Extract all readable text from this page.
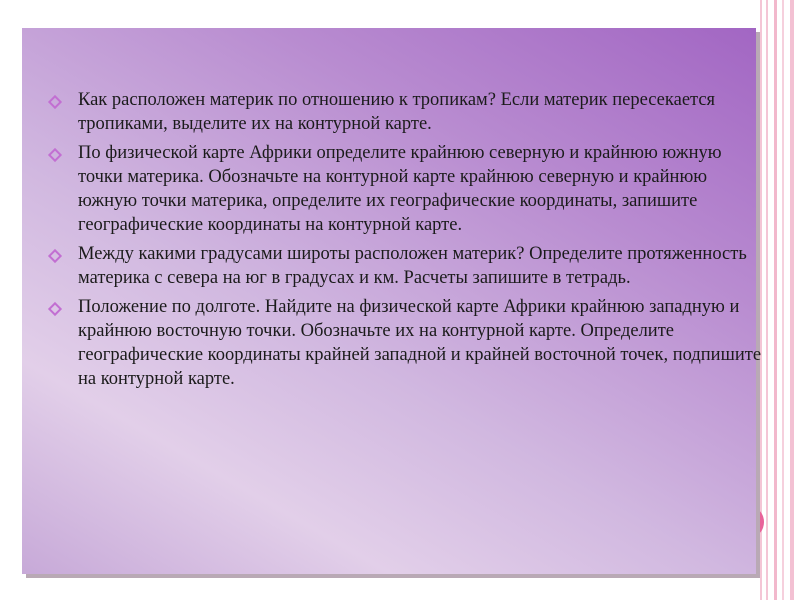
Как расположен материк по отношению к тропикам? Если материк пересекается тропиками, выделите их на контурной карте.
По физической карте Африки определите крайнюю северную и крайнюю южную точки материка. Обозначьте на контурной карте крайнюю северную и крайнюю южную точки материка, определите их географические координаты, запишите географические координаты на контурной карте.
Между какими градусами широты расположен материк? Определите протяженность материка с севера на юг в градусах и км. Расчеты запишите в тетрадь.
Положение по долготе. Найдите на физической карте Африки крайнюю западную и крайнюю восточную точки. Обозначьте их на контурной карте. Определите географические координаты крайней западной и крайней восточной точек, подпишите на контурной карте.
